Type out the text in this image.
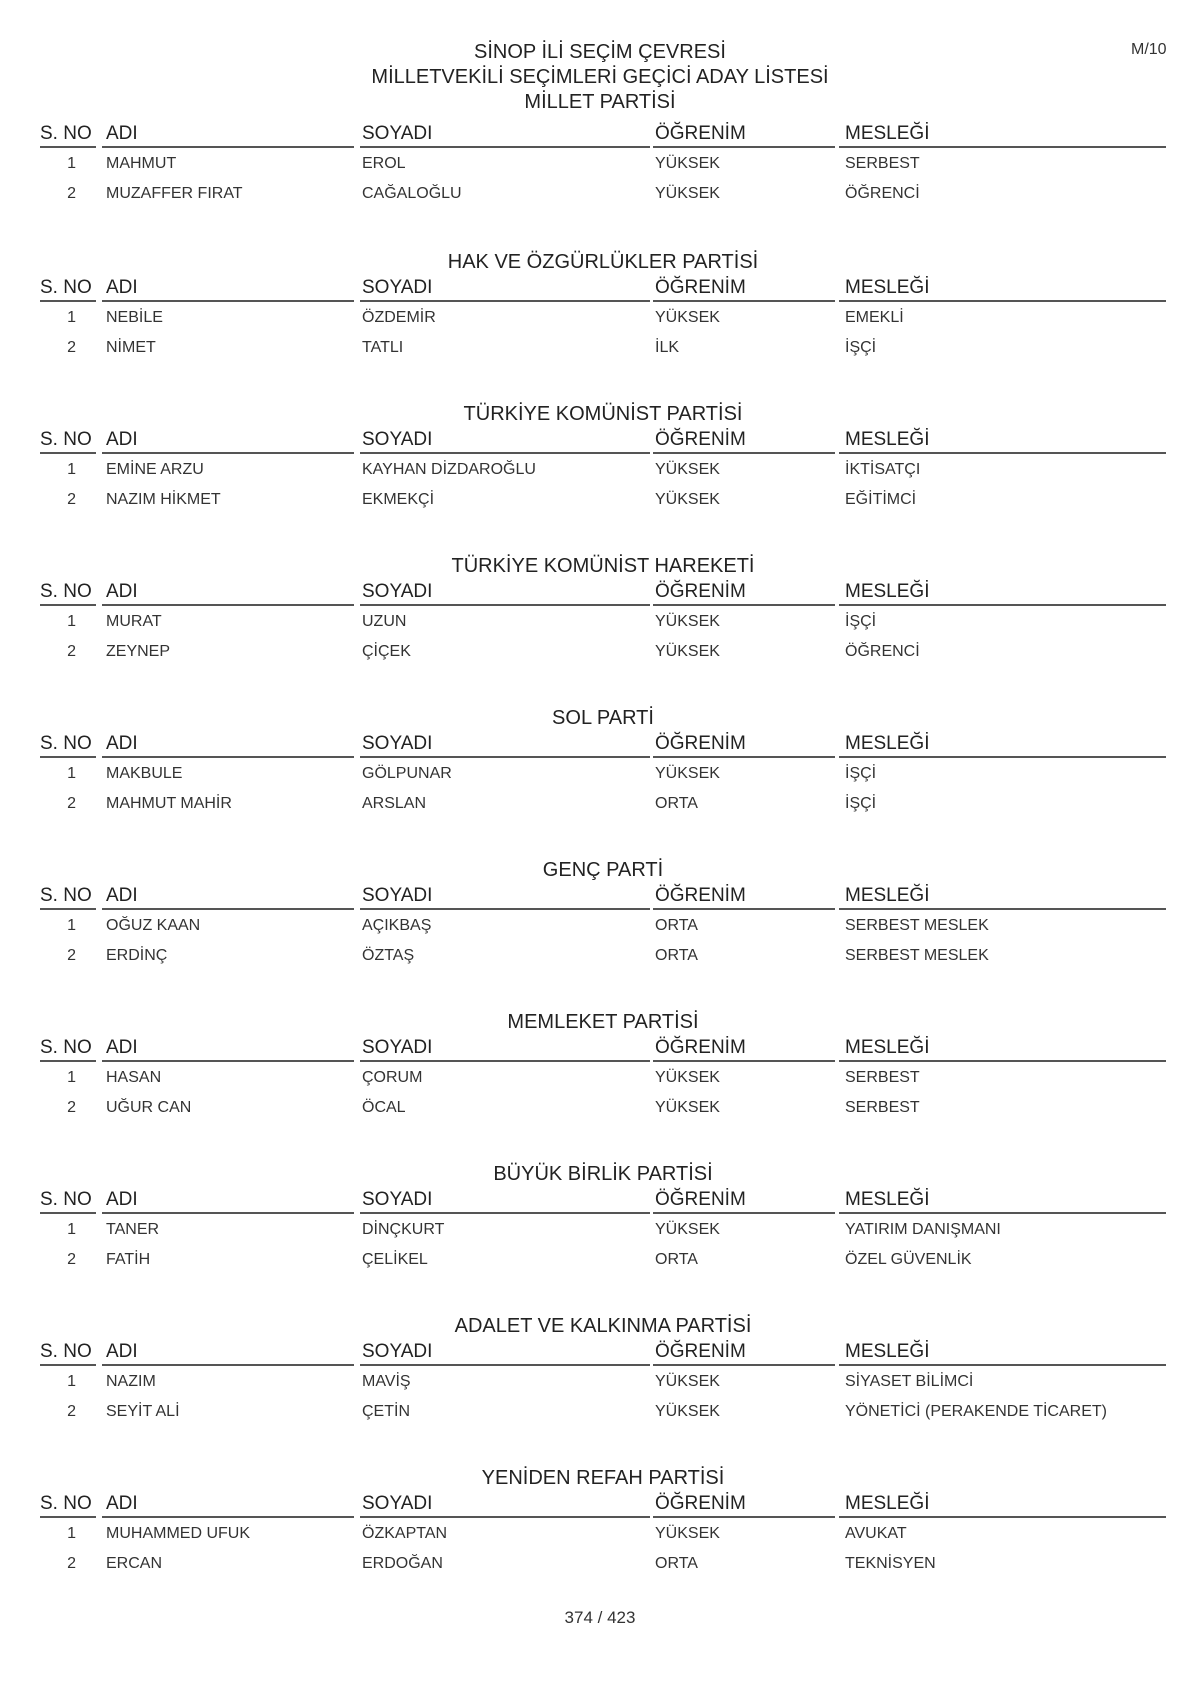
M/10
SİNOP İLİ SEÇİM ÇEVRESİ
MİLLETVEKİLİ SEÇİMLERİ GEÇİCİ ADAY LİSTESİ
MİLLET PARTİSİ
S. NO ADI	SOYADI	ÖĞRENİM	MESLEĞİ
1 MAHMUT	EROL	YÜKSEK	SERBEST
2 MUZAFFER FIRAT	CAĞALOĞLU	YÜKSEK	ÖĞRENCİ
HAK VE ÖZGÜRLÜKLER PARTİSİ
S. NO ADI	SOYADI	ÖĞRENİM	MESLEĞİ
1 NEBİLE	ÖZDEMİR	YÜKSEK	EMEKLİ
2 NİMET	TATLI	İLK	İŞÇİ
TÜRKİYE KOMÜNİST PARTİSİ
S. NO ADI	SOYADI	ÖĞRENİM	MESLEĞİ
1 EMİNE ARZU	KAYHAN DİZDAROĞLU	YÜKSEK	İKTİSATÇI
2 NAZIM HİKMET	EKMEKÇİ	YÜKSEK	EĞİTİMCİ
TÜRKİYE KOMÜNİST HAREKETİ
S. NO ADI	SOYADI	ÖĞRENİM	MESLEĞİ
1 MURAT	UZUN	YÜKSEK	İŞÇİ
2 ZEYNEP	ÇİÇEK	YÜKSEK	ÖĞRENCİ
SOL PARTİ
S. NO ADI	SOYADI	ÖĞRENİM	MESLEĞİ
1 MAKBULE	GÖLPUNAR	YÜKSEK	İŞÇİ
2 MAHMUT MAHİR	ARSLAN	ORTA	İŞÇİ
GENÇ PARTİ
S. NO ADI	SOYADI	ÖĞRENİM	MESLEĞİ
1 OĞUZ KAAN	AÇIKBAŞ	ORTA	SERBEST MESLEK
2 ERDİNÇ	ÖZTAŞ	ORTA	SERBEST MESLEK
MEMLEKET PARTİSİ
S. NO ADI	SOYADI	ÖĞRENİM	MESLEĞİ
1 HASAN	ÇORUM	YÜKSEK	SERBEST
2 UĞUR CAN	ÖCAL	YÜKSEK	SERBEST
BÜYÜK BİRLİK PARTİSİ
S. NO ADI	SOYADI	ÖĞRENİM	MESLEĞİ
1 TANER	DİNÇKURT	YÜKSEK	YATIRIM DANIŞMANI
2 FATİH	ÇELİKEL	ORTA	ÖZEL GÜVENLİK
ADALET VE KALKINMA PARTİSİ
S. NO ADI	SOYADI	ÖĞRENİM	MESLEĞİ
1 NAZIM	MAVİŞ	YÜKSEK	SİYASET BİLİMCİ
2 SEYİT ALİ	ÇETİN	YÜKSEK	YÖNETİCİ (PERAKENDE TİCARET)
YENİDEN REFAH PARTİSİ
S. NO ADI	SOYADI	ÖĞRENİM	MESLEĞİ
1 MUHAMMED UFUK	ÖZKAPTAN	YÜKSEK	AVUKAT
2 ERCAN	ERDOĞAN	ORTA	TEKNİSYEN
374 / 423
